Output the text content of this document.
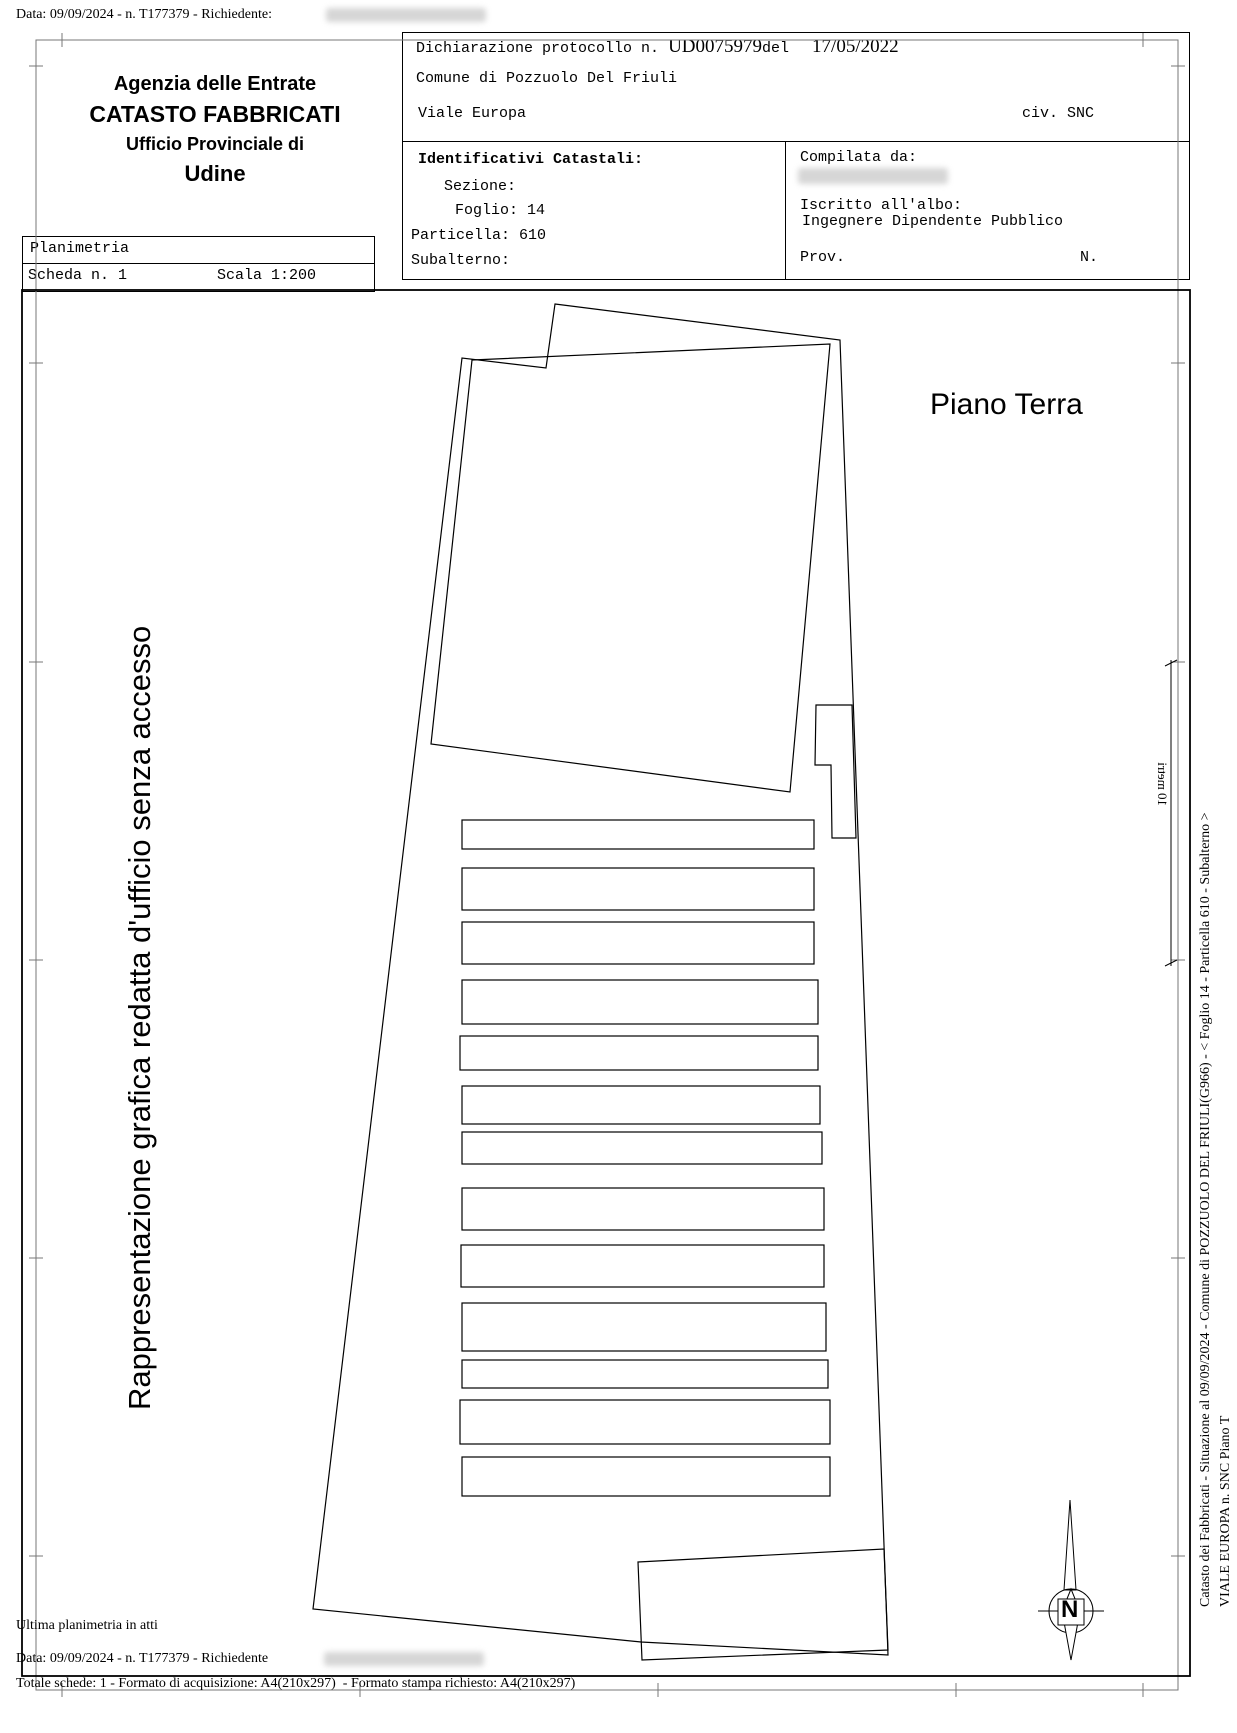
Data: 09/09/2024 - n. T177379 - Richiedente:
Agenzia delle Entrate
CATASTO FABBRICATI
Ufficio Provinciale di
Udine
Dichiarazione protocollo n. UD0075979del 17/05/2022
Comune di Pozzuolo Del Friuli
Viale Europa	civ. SNC
Identificativi Catastali:
Sezione:
Foglio: 14
Particella: 610
Subalterno:
Compilata da:
Iscritto all'albo:
Ingegnere Dipendente Pubblico
Prov.	N.
Planimetria
Scheda n. 1	Scala 1:200
N
Piano Terra
Rappresentazione grafica redatta d'ufficio senza accesso	10 metri
Catasto dei Fabbricati - Situazione al 09/09/2024 - Comune di POZZUOLO DEL FRIULI(G966) - < Foglio 14 - Particella 610 - Subalterno > VIALE EUROPA n. SNC Piano T
Ultima planimetria in atti
Data: 09/09/2024 - n. T177379 - Richiedente
Totale schede: 1 - Formato di acquisizione: A4(210x297)  - Formato stampa richiesto: A4(210x297)
